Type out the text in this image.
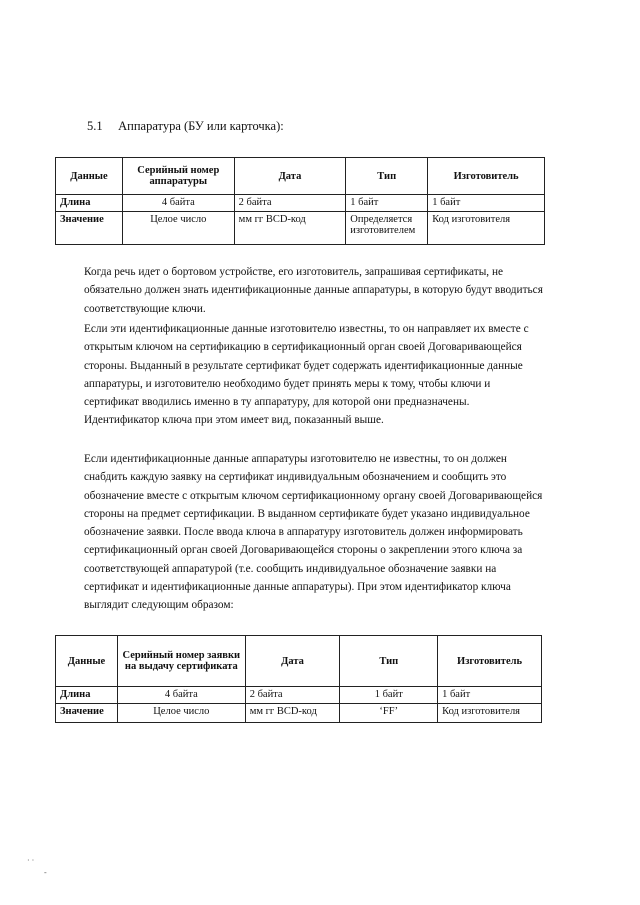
5.1 Аппаратура (БУ или карточка):
Данные	Серийный номер аппаратуры	Дата	Тип	Изготовитель
Длина	4 байта	2 байта	1 байт	1 байт
Значение	Целое число	мм гг BCD-код	Определяется изготовителем	Код изготовителя

Когда речь идет о бортовом устройстве, его изготовитель, запрашивая сертификаты, не обязательно должен знать идентификационные данные аппаратуры, в которую будут вводиться соответствующие ключи.

Если эти идентификационные данные изготовителю известны, то он направляет их вместе с открытым ключом на сертификацию в сертификационный орган своей Договаривающейся стороны. Выданный в результате сертификат будет содержать идентификационные данные аппаратуры, и изготовителю необходимо будет принять меры к тому, чтобы ключи и сертификат вводились именно в ту аппаратуру, для которой они предназначены. Идентификатор ключа при этом имеет вид, показанный выше.

Если идентификационные данные аппаратуры изготовителю не известны, то он должен снабдить каждую заявку на сертификат индивидуальным обозначением и сообщить это обозначение вместе с открытым ключом сертификационному органу своей Договаривающейся стороны на предмет сертификации. В выданном сертификате будет указано индивидуальное обозначение заявки. После ввода ключа в аппаратуру изготовитель должен информировать сертификационный орган своей Договаривающейся стороны о закреплении этого ключа за соответствующей аппаратурой (т.е. сообщить индивидуальное обозначение заявки на сертификат и идентификационные данные аппаратуры). При этом идентификатор ключа выглядит следующим образом:

Данные	Серийный номер заявки на выдачу сертификата	Дата	Тип	Изготовитель
Длина	4 байта	2 байта	1 байт	1 байт
Значение	Целое число	мм гг BCD-код	‘FF’	Код изготовителя
· ·
-
